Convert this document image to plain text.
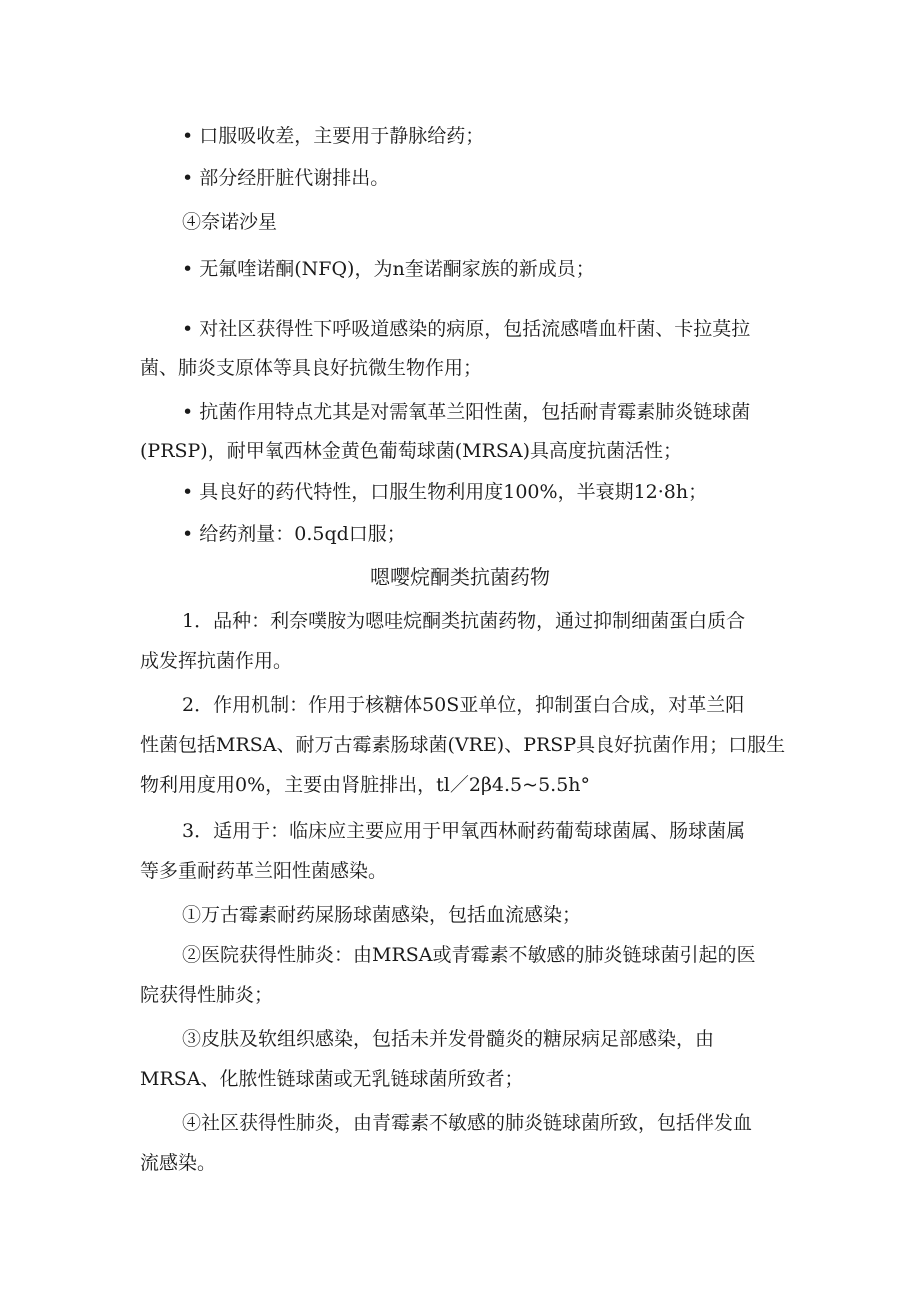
• 口服吸收差，主要用于静脉给药；
• 部分经肝脏代谢排出。
④奈诺沙星
• 无氟喹诺酮(NFQ)，为n奎诺酮家族的新成员；
• 对社区获得性下呼吸道感染的病原，包括流感嗜血杆菌、卡拉莫拉
菌、肺炎支原体等具良好抗微生物作用；
• 抗菌作用特点尤其是对需氧革兰阳性菌，包括耐青霉素肺炎链球菌
(PRSP)，耐甲氧西林金黄色葡萄球菌(MRSA)具高度抗菌活性；
• 具良好的药代特性，口服生物利用度100%，半衰期12·8h；
• 给药剂量：0.5qd口服；
嗯嘤烷酮类抗菌药物
1．品种：利奈噗胺为嗯哇烷酮类抗菌药物，通过抑制细菌蛋白质合
成发挥抗菌作用。
2．作用机制：作用于核糖体50S亚单位，抑制蛋白合成，对革兰阳
性菌包括MRSA、耐万古霉素肠球菌(VRE)、PRSP具良好抗菌作用；口服生
物利用度用0%，主要由肾脏排出，tl／2β4.5~5.5h°
3．适用于：临床应主要应用于甲氧西林耐药葡萄球菌属、肠球菌属
等多重耐药革兰阳性菌感染。
①万古霉素耐药屎肠球菌感染，包括血流感染；
②医院获得性肺炎：由MRSA或青霉素不敏感的肺炎链球菌引起的医
院获得性肺炎；
③皮肤及软组织感染，包括未并发骨髓炎的糖尿病足部感染，由
MRSA、化脓性链球菌或无乳链球菌所致者；
④社区获得性肺炎，由青霉素不敏感的肺炎链球菌所致，包括伴发血
流感染。
